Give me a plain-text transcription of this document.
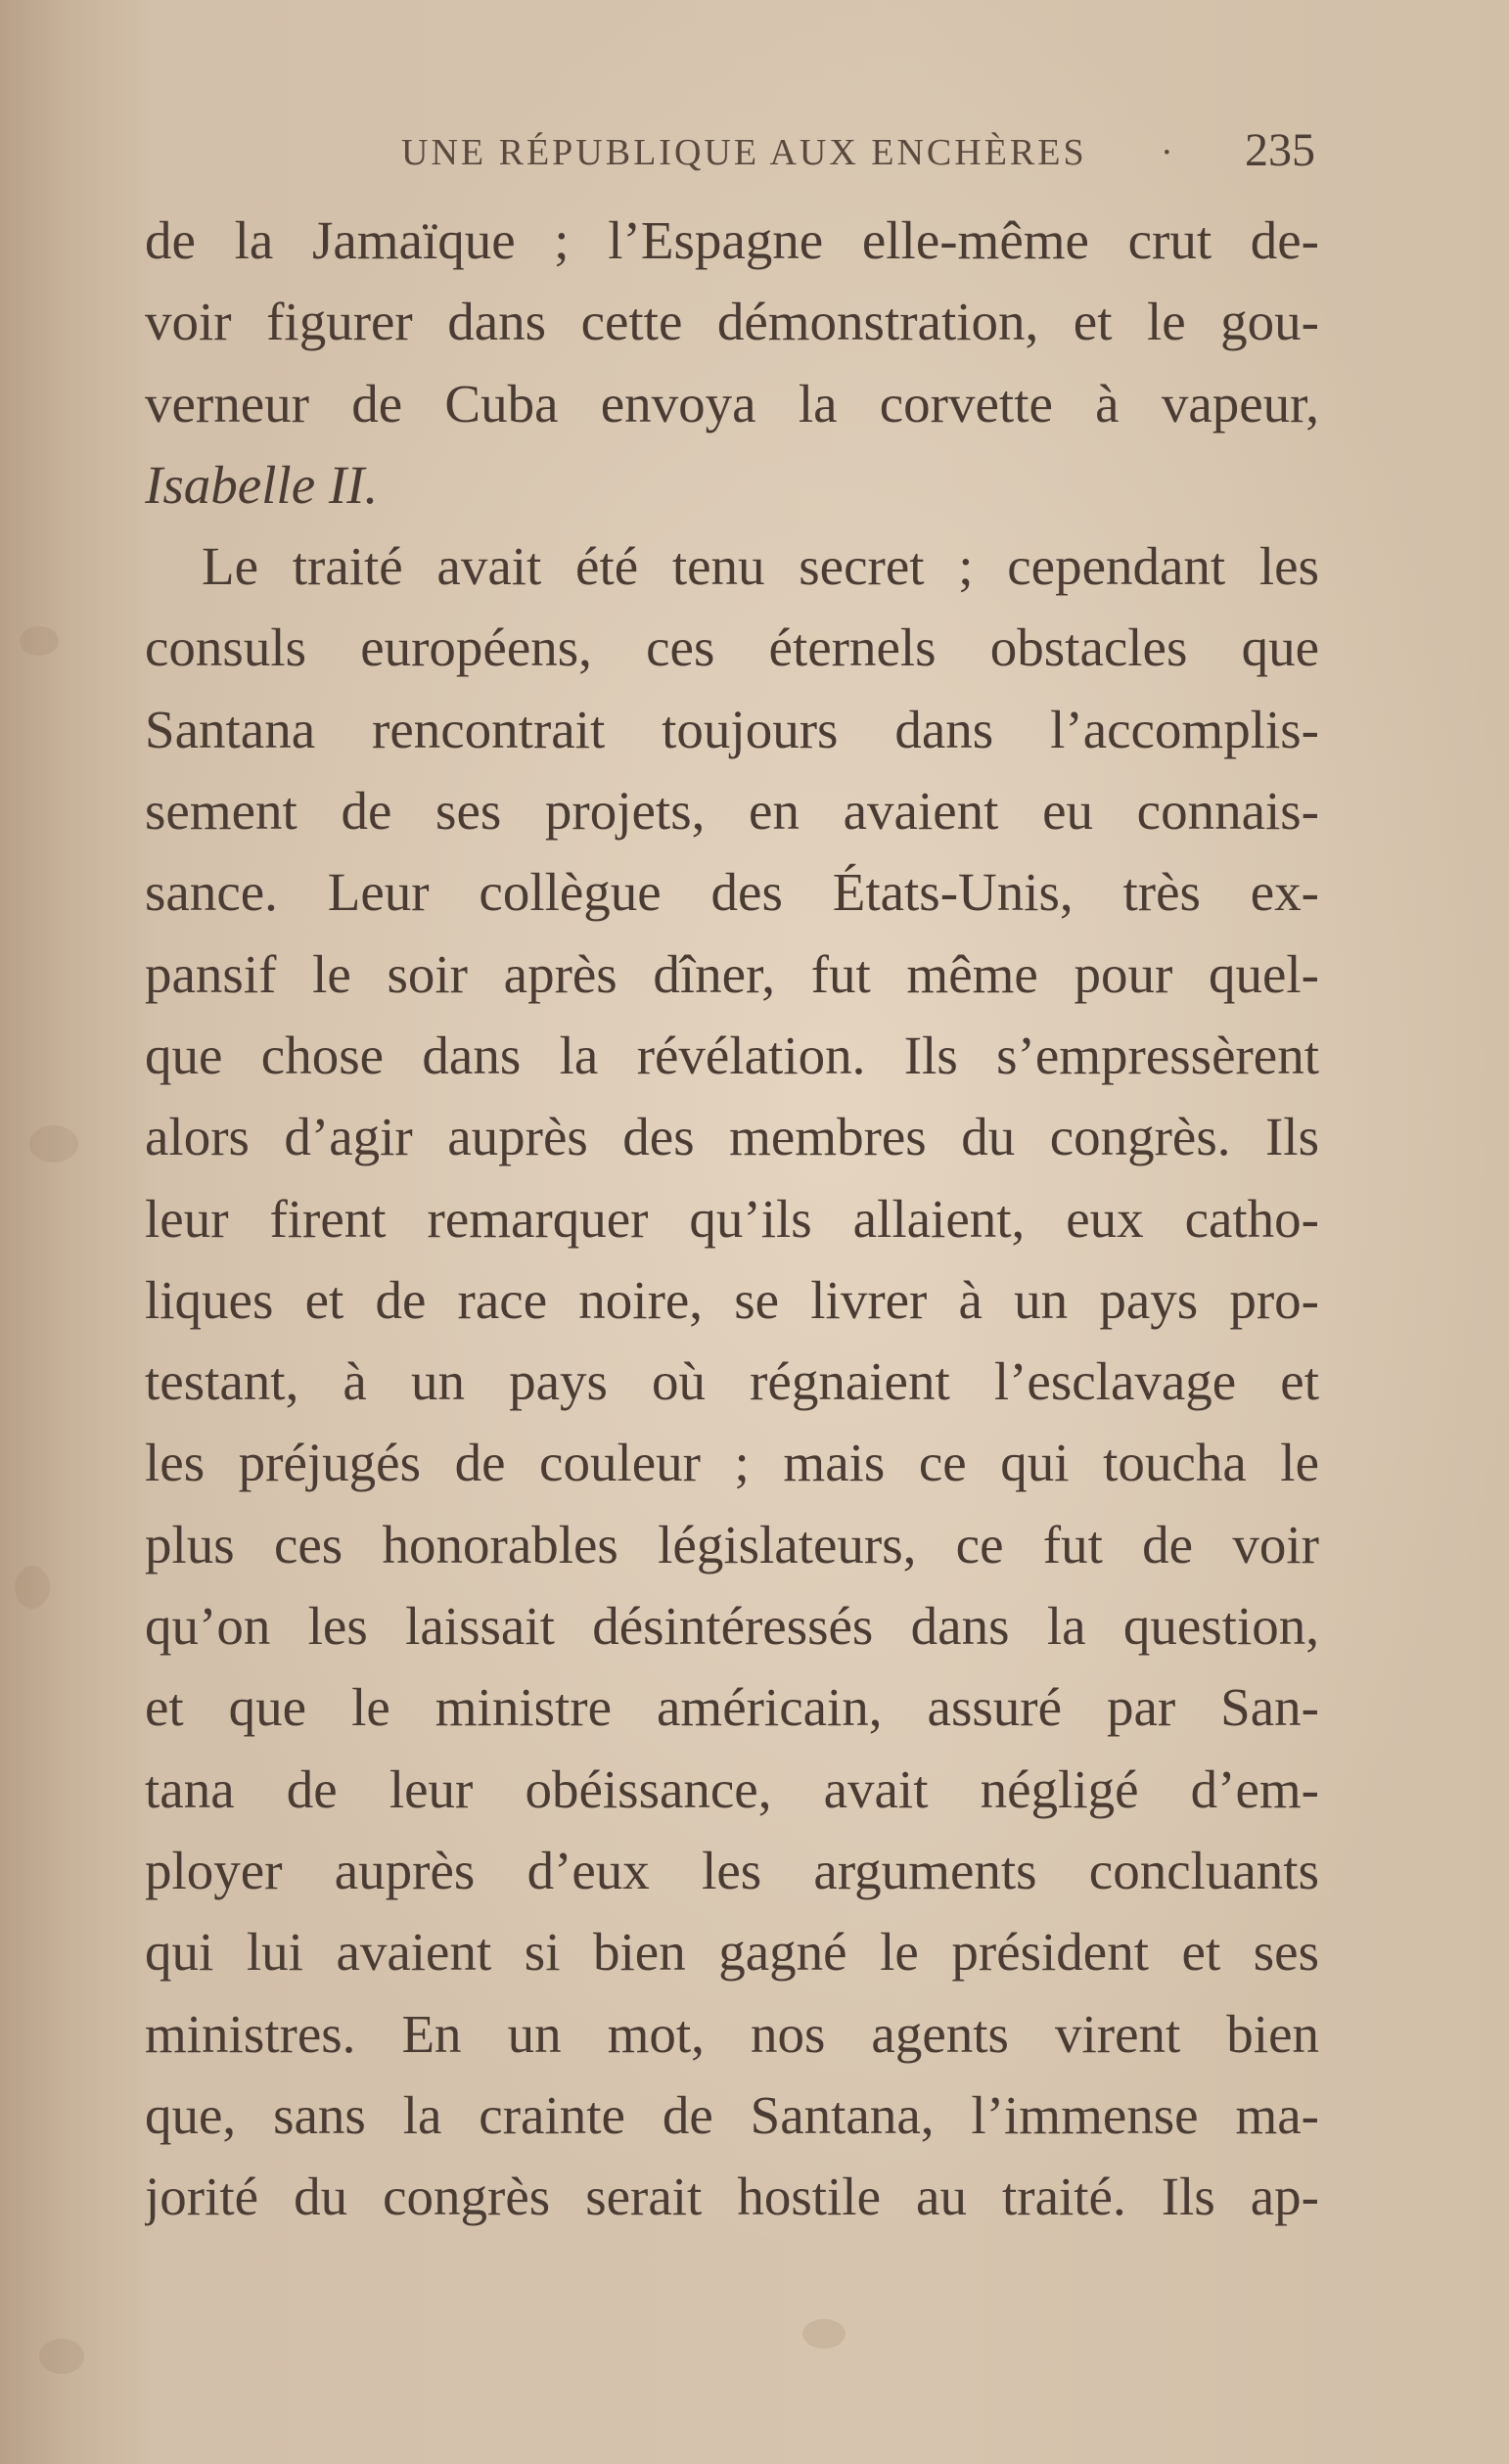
UNE RÉPUBLIQUE AUX ENCHÈRES · 235
de la Jamaïque ; l’Espagne elle-même crut de-
voir figurer dans cette démonstration, et le gou-
verneur de Cuba envoya la corvette à vapeur,
Isabelle II.
Le traité avait été tenu secret ; cependant les
consuls européens, ces éternels obstacles que
Santana rencontrait toujours dans l’accomplis-
sement de ses projets, en avaient eu connais-
sance. Leur collègue des États-Unis, très ex-
pansif le soir après dîner, fut même pour quel-
que chose dans la révélation. Ils s’empressèrent
alors d’agir auprès des membres du congrès. Ils
leur firent remarquer qu’ils allaient, eux catho-
liques et de race noire, se livrer à un pays pro-
testant, à un pays où régnaient l’esclavage et
les préjugés de couleur ; mais ce qui toucha le
plus ces honorables législateurs, ce fut de voir
qu’on les laissait désintéressés dans la question,
et que le ministre américain, assuré par San-
tana de leur obéissance, avait négligé d’em-
ployer auprès d’eux les arguments concluants
qui lui avaient si bien gagné le président et ses
ministres. En un mot, nos agents virent bien
que, sans la crainte de Santana, l’immense ma-
jorité du congrès serait hostile au traité. Ils ap-
